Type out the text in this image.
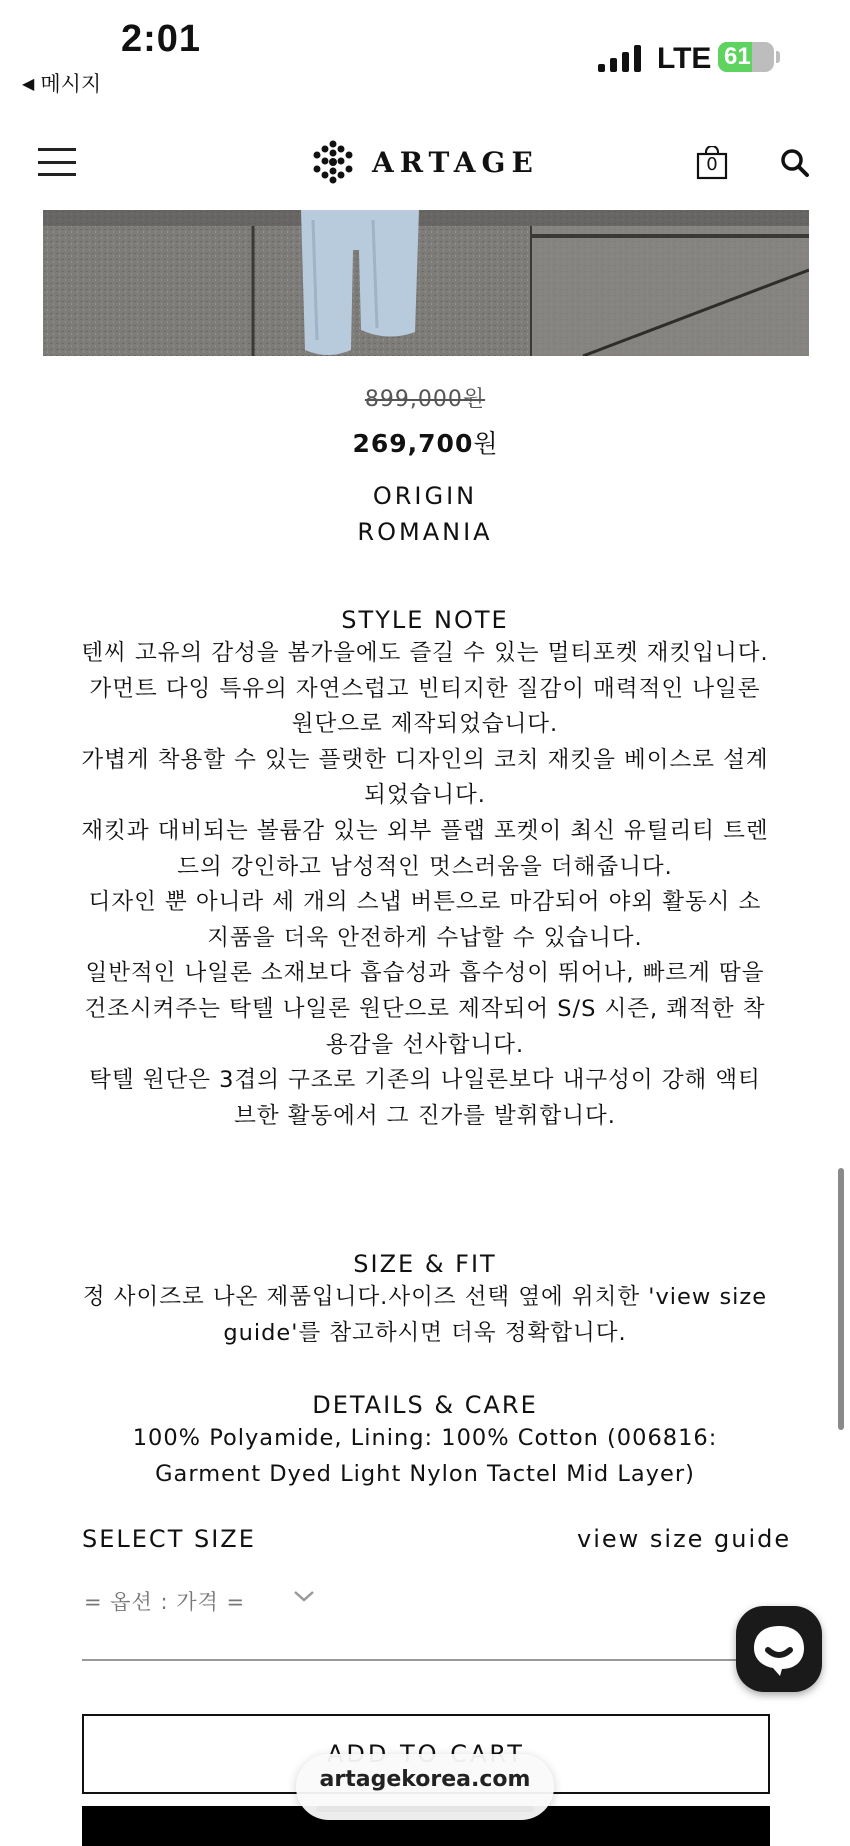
2:01
◀ 메시지
LTE 61
ARTAGE	0
899,000원
269,700원
ORIGIN
ROMANIA
STYLE NOTE
텐씨 고유의 감성을 봄가을에도 즐길 수 있는 멀티포켓 재킷입니다.
가먼트 다잉 특유의 자연스럽고 빈티지한 질감이 매력적인 나일론 원단으로 제작되었습니다.
가볍게 착용할 수 있는 플랫한 디자인의 코치 재킷을 베이스로 설계되었습니다.
재킷과 대비되는 볼륨감 있는 외부 플랩 포켓이 최신 유틸리티 트렌드의 강인하고 남성적인 멋스러움을 더해줍니다.
디자인 뿐 아니라 세 개의 스냅 버튼으로 마감되어 야외 활동시 소지품을 더욱 안전하게 수납할 수 있습니다.
일반적인 나일론 소재보다 흡습성과 흡수성이 뛰어나, 빠르게 땀을 건조시켜주는 탁텔 나일론 원단으로 제작되어 S/S 시즌, 쾌적한 착용감을 선사합니다.
탁텔 원단은 3겹의 구조로 기존의 나일론보다 내구성이 강해 액티브한 활동에서 그 진가를 발휘합니다.
SIZE & FIT
정 사이즈로 나온 제품입니다.사이즈 선택 옆에 위치한 'view size guide'를 참고하시면 더욱 정확합니다.
DETAILS & CARE
100% Polyamide, Lining: 100% Cotton (006816: Garment Dyed Light Nylon Tactel Mid Layer)
SELECT SIZE	view size guide
= 옵션 : 가격 =
artagekorea.com
